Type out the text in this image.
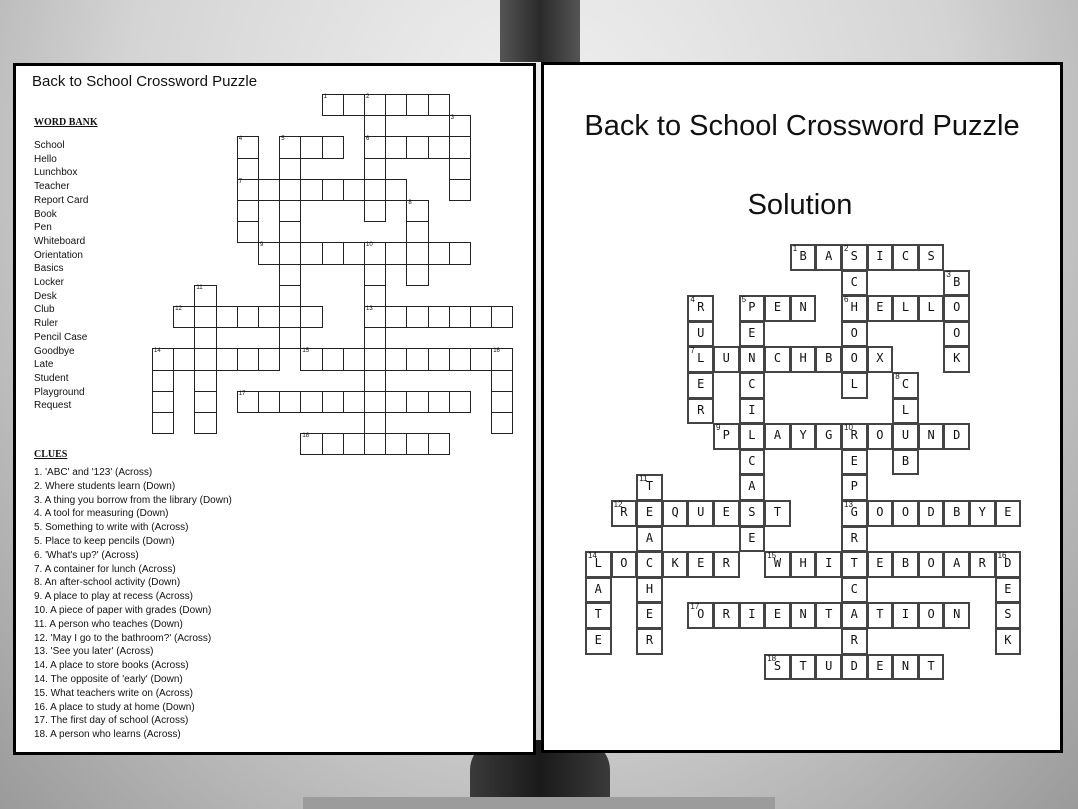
Back to School Crossword Puzzle
WORD BANK
School
Hello
Lunchbox
Teacher
Report Card
Book
Pen
Whiteboard
Orientation
Basics
Locker
Desk
Club
Ruler
Pencil Case
Goodbye
Late
Student
Playground
Request
CLUES
1. 'ABC' and '123' (Across)
2. Where students learn (Down)
3. A thing you borrow from the library (Down)
4. A tool for measuring (Down)
5. Something to write with (Across)
5. Place to keep pencils (Down)
6. 'What's up?' (Across)
7. A container for lunch (Across)
8. An after-school activity (Down)
9. A place to play at recess (Across)
10. A piece of paper with grades (Down)
11. A person who teaches (Down)
12. 'May I go to the bathroom?' (Across)
13. 'See you later' (Across)
14. A place to store books (Across)
14. The opposite of 'early' (Down)
15. What teachers write on (Across)
16. A place to study at home (Down)
17. The first day of school (Across)
18. A person who learns (Across)
1	2
6
3
4
7
5
8
9	10
13
11
12
14	15	16
17
18
Back to School Crossword Puzzle
Solution
1
B	A
2
S	I	C	S
C
6
H
O
O
L
3
B
O
O
K
4
R
U
7
L
E
R
5
P	E	N
E
N
C
I
L
C
A
S
E
E	L	L
U	C	H	B	X
8
C
L
U
B
9
P	A	Y	G
10
R	O	N	D
E
P
13
G
R
T
C
A
R
D
11
T
E
A
C
H
E
R
12
R	Q	U	E	T	O	O	D	B	Y	E
14
L	O	K	E	R
A
T
E
15
W	H	I	E	B	O	A	R
16
D
E
S
K
17
O	R	I	E	N	T	T	I	O	N
18
S	T	U	E	N	T
